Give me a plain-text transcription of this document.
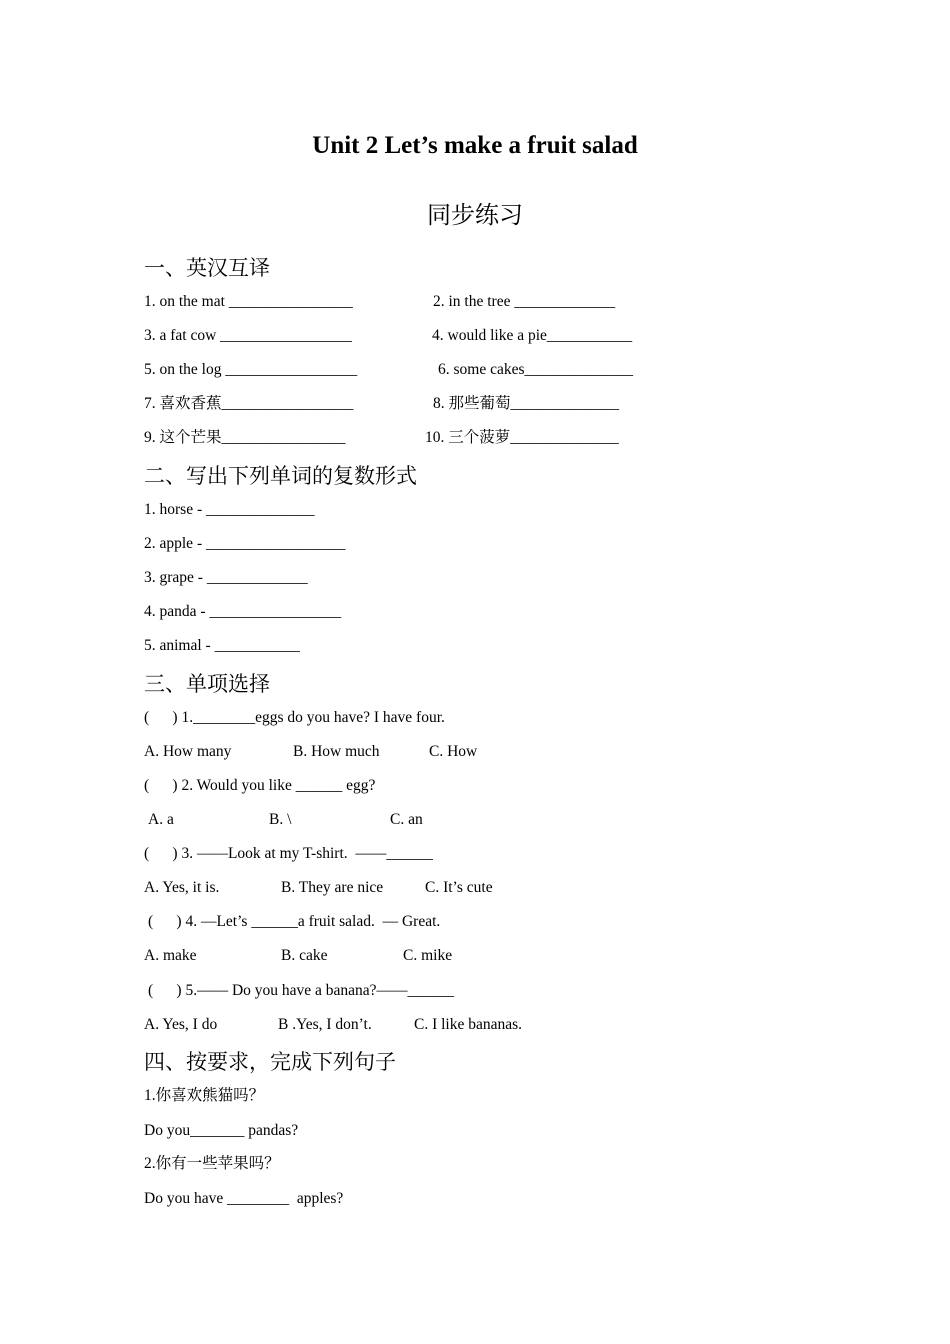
Unit 2 Let’s make a fruit salad
同步练习
一、英汉互译
1. on the mat ________________	2. in the tree _____________
3. a fat cow _________________	4. would like a pie___________
5. on the log _________________	6. some cakes______________
7. 喜欢香蕉_________________	8. 那些葡萄______________
9. 这个芒果________________	10. 三个菠萝______________
二、写出下列单词的复数形式
1. horse - ______________
2. apple - __________________
3. grape - _____________
4. panda - _________________
5. animal - ___________
三、单项选择
(      ) 1.________eggs do you have? I have four.
A. How many	B. How much	C. How
(      ) 2. Would you like ______ egg?
A. a	B. \	C. an
(      ) 3. ——Look at my T-shirt.  ——______
A. Yes, it is.	B. They are nice	C. It’s cute
(      ) 4. —Let’s ______a fruit salad.  — Great.
A. make	B. cake	C. mike
(      ) 5.—— Do you have a banana?——______
A. Yes, I do	B .Yes, I don’t.	C. I like bananas.
四、按要求，完成下列句子
1.你喜欢熊猫吗？
Do you_______ pandas?
2.你有一些苹果吗？
Do you have ________  apples?
